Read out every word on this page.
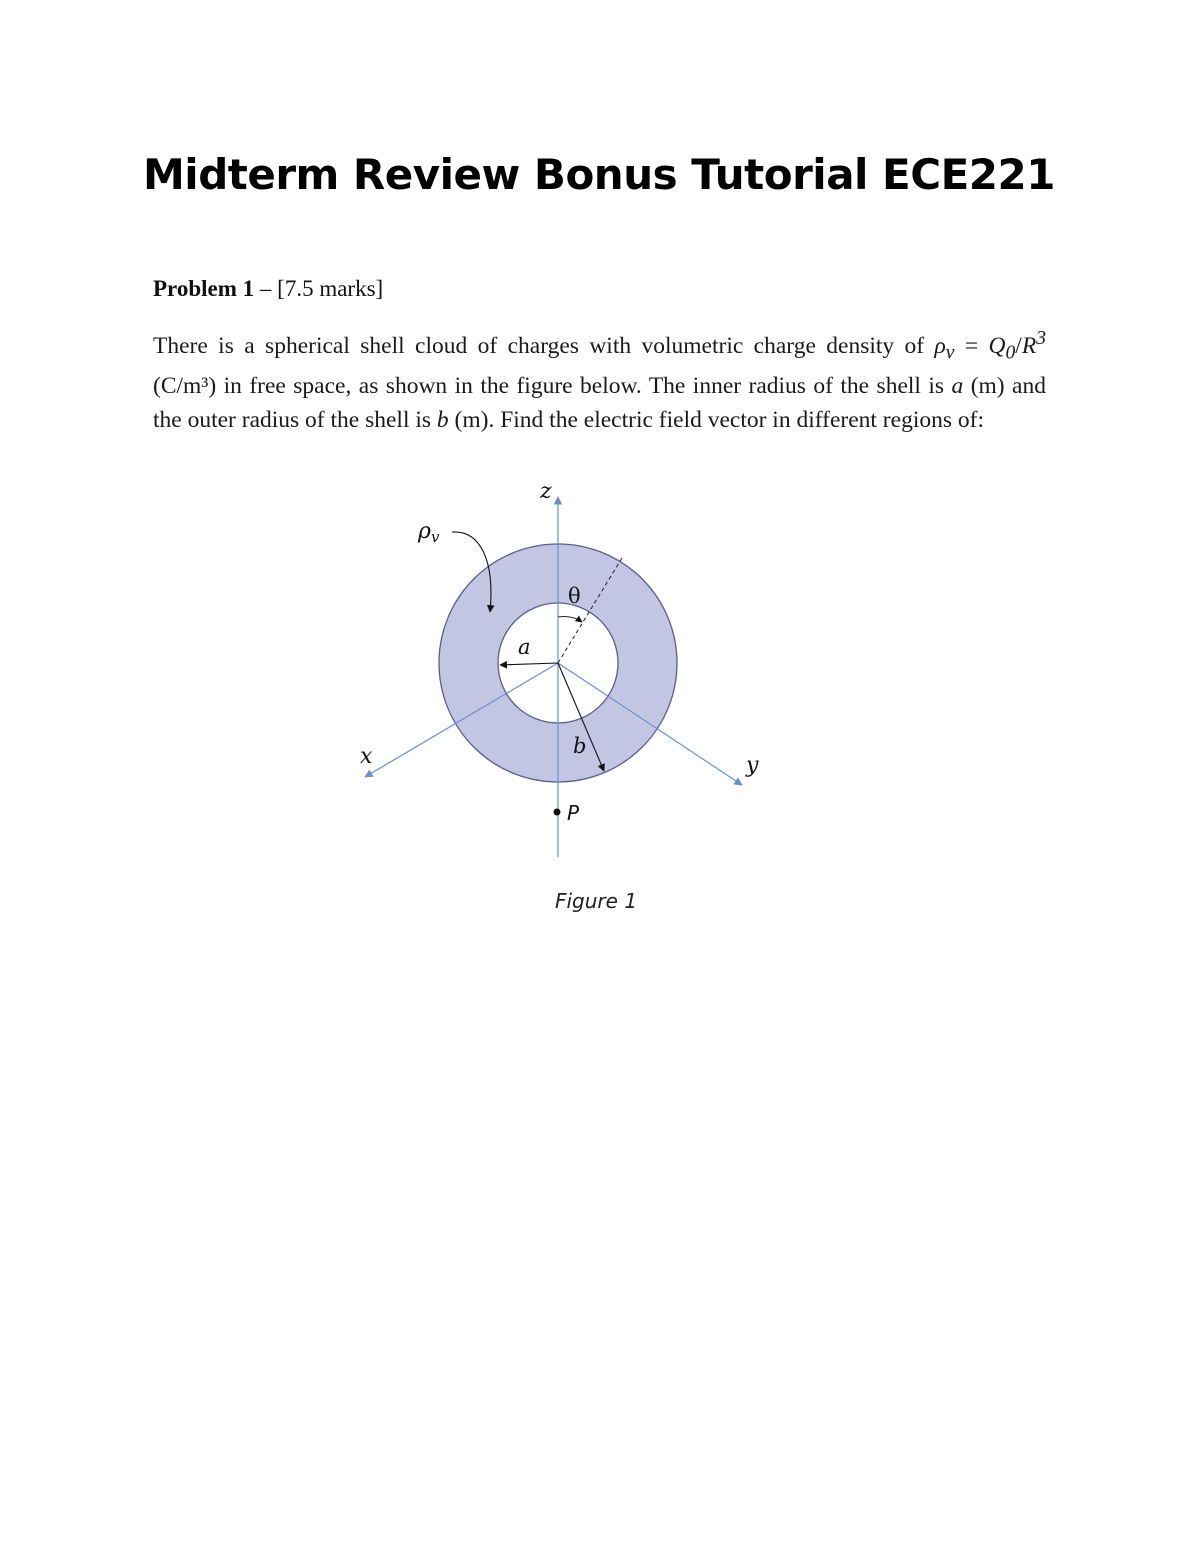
Midterm Review Bonus Tutorial ECE221
Problem 1 – [7.5 marks]
There is a spherical shell cloud of charges with volumetric charge density of $\rho_v = Q_0/R^3$ (C/m³) in free space, as shown in the figure below. The inner radius of the shell is a (m) and the outer radius of the shell is b (m). Find the electric field vector in different regions of:
z
x	y
ρv
θ
a
b
P
Figure 1
